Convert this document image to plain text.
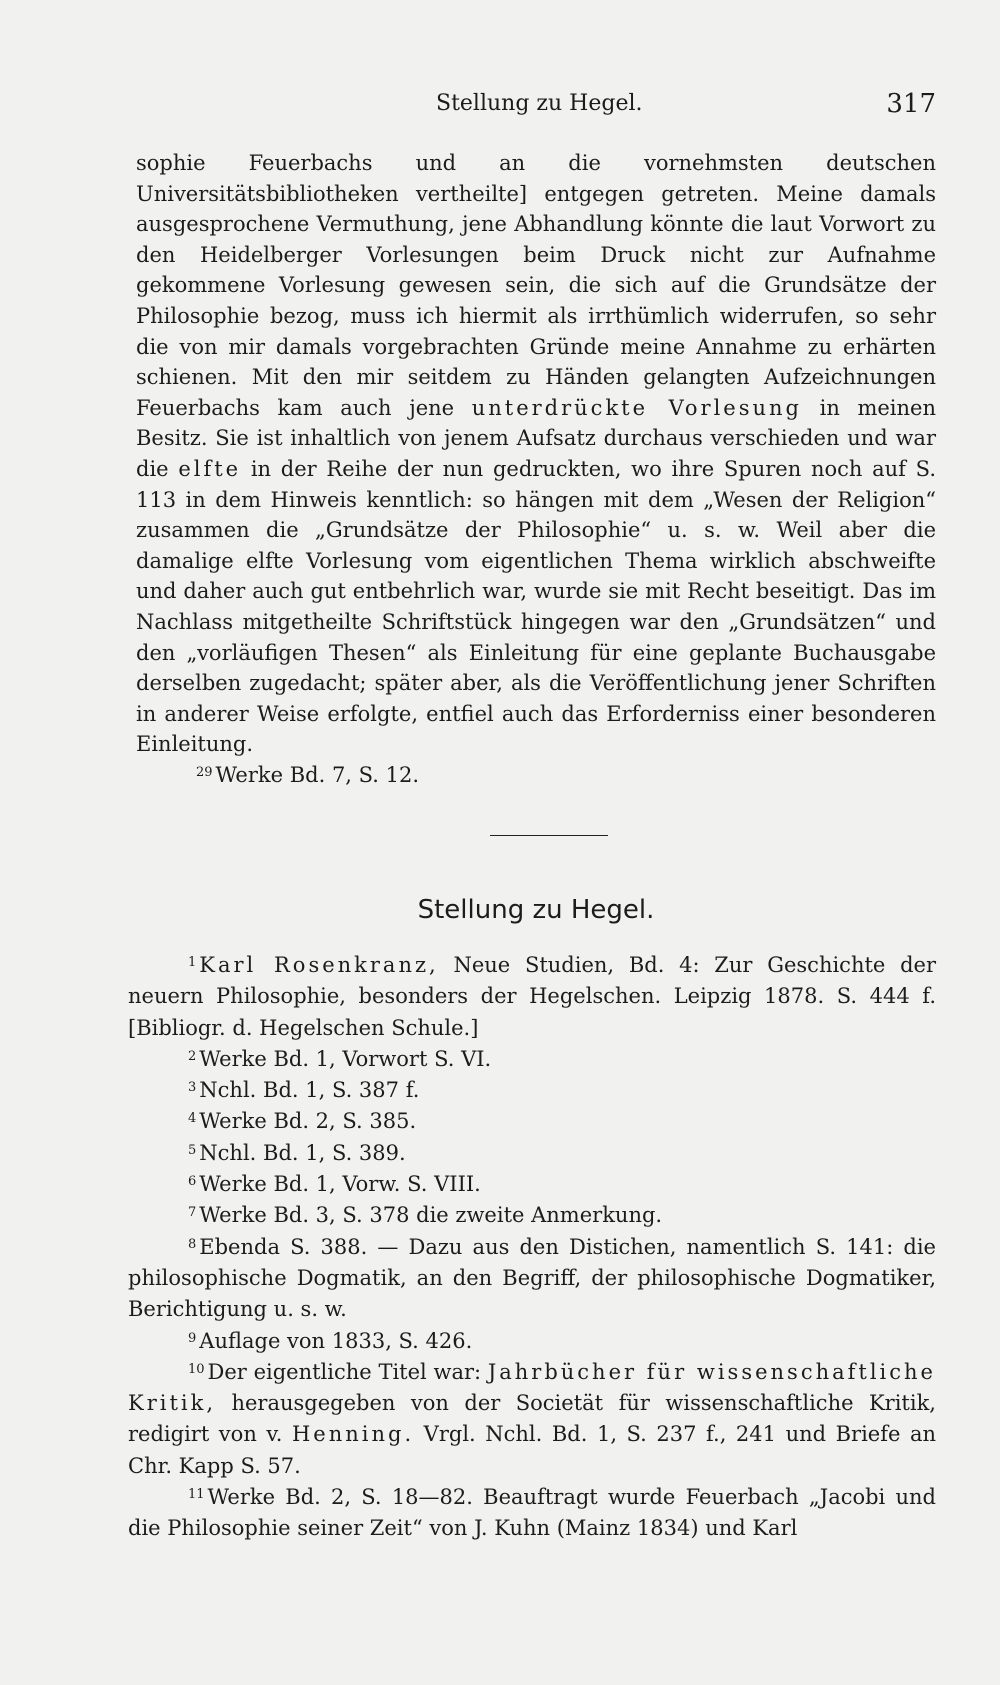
Stellung zu Hegel.	317

sophie Feuerbachs und an die vornehmsten deutschen Universitätsbibliotheken vertheilte] entgegen getreten. Meine damals ausgesprochene Vermuthung, jene Abhandlung könnte die laut Vorwort zu den Heidelberger Vorlesungen beim Druck nicht zur Aufnahme gekommene Vorlesung gewesen sein, die sich auf die Grundsätze der Philosophie bezog, muss ich hiermit als irrthümlich widerrufen, so sehr die von mir damals vorgebrachten Gründe meine Annahme zu erhärten schienen. Mit den mir seitdem zu Händen gelangten Aufzeichnungen Feuerbachs kam auch jene unterdrückte Vorlesung in meinen Besitz. Sie ist inhaltlich von jenem Aufsatz durchaus verschieden und war die elfte in der Reihe der nun gedruckten, wo ihre Spuren noch auf S. 113 in dem Hinweis kenntlich: so hängen mit dem „Wesen der Religion“ zusammen die „Grundsätze der Philosophie“ u. s. w. Weil aber die damalige elfte Vorlesung vom eigentlichen Thema wirklich abschweifte und daher auch gut entbehrlich war, wurde sie mit Recht beseitigt. Das im Nachlass mitgetheilte Schriftstück hingegen war den „Grundsätzen“ und den „vorläufigen Thesen“ als Einleitung für eine geplante Buchausgabe derselben zugedacht; später aber, als die Veröffentlichung jener Schriften in anderer Weise erfolgte, entfiel auch das Erforderniss einer besonderen Einleitung.

$^{29}$ Werke Bd. 7, S. 12.

Stellung zu Hegel.

$^1$ Karl Rosenkranz, Neue Studien, Bd. 4: Zur Geschichte der neuern Philosophie, besonders der Hegelschen. Leipzig 1878. S. 444 f. [Bibliogr. d. Hegelschen Schule.]

$^2$ Werke Bd. 1, Vorwort S. VI.

$^3$ Nchl. Bd. 1, S. 387 f.

$^4$ Werke Bd. 2, S. 385.

$^5$ Nchl. Bd. 1, S. 389.

$^6$ Werke Bd. 1, Vorw. S. VIII.

$^7$ Werke Bd. 3, S. 378 die zweite Anmerkung.

$^8$ Ebenda S. 388. — Dazu aus den Distichen, namentlich S. 141: die philosophische Dogmatik, an den Begriff, der philosophische Dogmatiker, Berichtigung u. s. w.

$^9$ Auflage von 1833, S. 426.

$^{10}$ Der eigentliche Titel war: Jahrbücher für wissenschaftliche Kritik, herausgegeben von der Societät für wissenschaftliche Kritik, redigirt von v. Henning. Vrgl. Nchl. Bd. 1, S. 237 f., 241 und Briefe an Chr. Kapp S. 57.

$^{11}$ Werke Bd. 2, S. 18—82. Beauftragt wurde Feuerbach „Jacobi und die Philosophie seiner Zeit“ von J. Kuhn (Mainz 1834) und Karl
